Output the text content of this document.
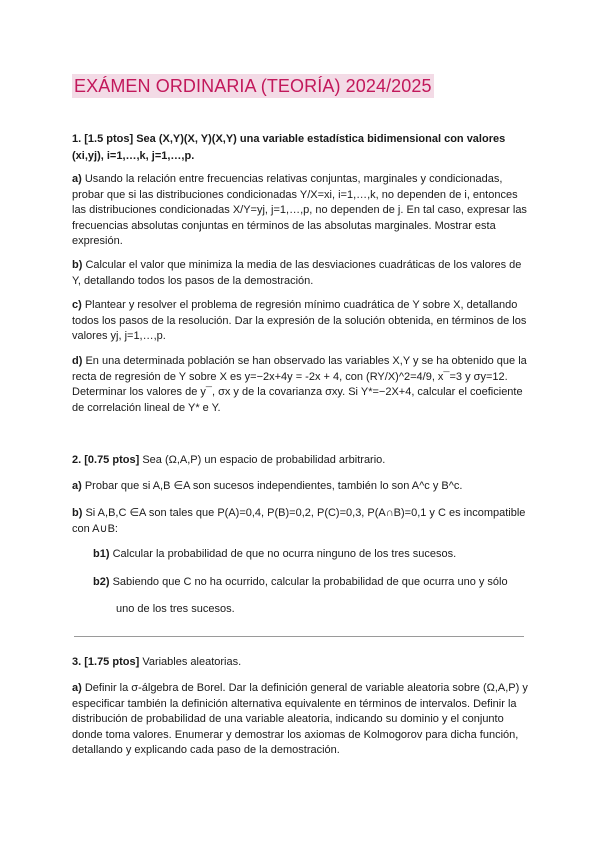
EXÁMEN ORDINARIA (TEORÍA) 2024/2025
1. [1.5 ptos] Sea (X,Y)(X, Y)(X,Y) una variable estadística bidimensional con valores (xi,yj), i=1,…,k, j=1,…,p.

a) Usando la relación entre frecuencias relativas conjuntas, marginales y condicionadas, probar que si las distribuciones condicionadas Y/X=xi, i=1,…,k, no dependen de i, entonces las distribuciones condicionadas X/Y=yj, j=1,…,p, no dependen de j. En tal caso, expresar las frecuencias absolutas conjuntas en términos de las absolutas marginales. Mostrar esta expresión.

b) Calcular el valor que minimiza la media de las desviaciones cuadráticas de los valores de Y, detallando todos los pasos de la demostración.

c) Plantear y resolver el problema de regresión mínimo cuadrática de Y sobre X, detallando todos los pasos de la resolución. Dar la expresión de la solución obtenida, en términos de los valores yj, j=1,…,p.

d) En una determinada población se han observado las variables X,Y y se ha obtenido que la recta de regresión de Y sobre X es y=−2x+4y = -2x + 4, con (RY/X)^2=4/9, x¯=3 y σy=12. Determinar los valores de y¯, σx y de la covarianza σxy. Si Y*=−2X+4, calcular el coeficiente de correlación lineal de Y* e Y.

2. [0.75 ptos] Sea (Ω,A,P) un espacio de probabilidad arbitrario.

a) Probar que si A,B ∈A son sucesos independientes, también lo son A^c y B^c.

b) Si A,B,C ∈A son tales que P(A)=0,4, P(B)=0,2, P(C)=0,3, P(A∩B)=0,1 y C es incompatible con A∪B:

b1) Calcular la probabilidad de que no ocurra ninguno de los tres sucesos.
b2) Sabiendo que C no ha ocurrido, calcular la probabilidad de que ocurra uno y sólo
uno de los tres sucesos.
3. [1.75 ptos] Variables aleatorias.

a) Definir la σ-álgebra de Borel. Dar la definición general de variable aleatoria sobre (Ω,A,P) y especificar también la definición alternativa equivalente en términos de intervalos. Definir la distribución de probabilidad de una variable aleatoria, indicando su dominio y el conjunto donde toma valores. Enumerar y demostrar los axiomas de Kolmogorov para dicha función, detallando y explicando cada paso de la demostración.
